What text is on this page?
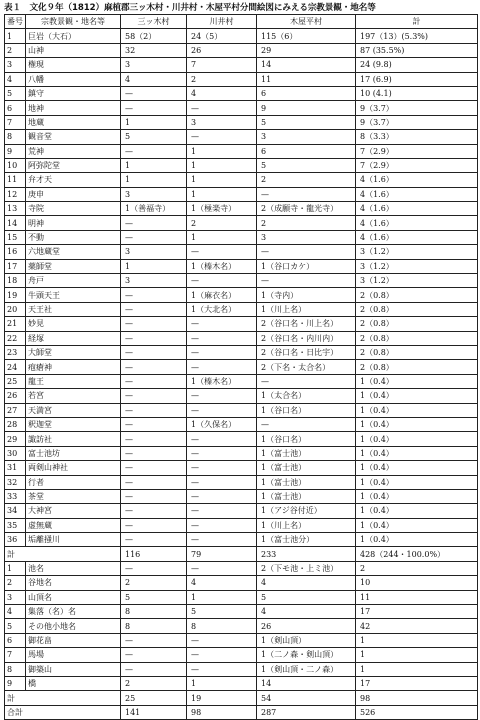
表１　文化９年（1812）麻植郡三ッ木村・川井村・木屋平村分間絵図にみえる宗教景観・地名等
番号	宗教景観・地名等	三ッ木村	川井村	木屋平村	計
1	巨岩（大石）	58（2）	24（5）	115（6）	197（13）(5.3%)
2	山神	32	26	29	87 (35.5%)
3	権現	3	7	14	24 (9.8)
4	八幡	4	2	11	17 (6.9)
5	鎮守	—	4	6	10 (4.1)
6	地神	—	—	9	9（3.7）
7	地蔵	1	3	5	9（3.7）
8	観音堂	5	—	3	8（3.3）
9	荒神	—	1	6	7（2.9）
10	阿弥陀堂	1	1	5	7（2.9）
11	弁才天	1	1	2	4（1.6）
12	庚申	3	1	—	4（1.6）
13	寺院	1（善福寺）	1（極楽寺）	2（成願寺・龍光寺）	4（1.6）
14	明神	—	2	2	4（1.6）
15	不動	—	1	3	4（1.6）
16	六地蔵堂	3	—	—	3（1.2）
17	薬師堂	1	1（榛木名）	1（谷口カケ）	3（1.2）
18	舟戸	3	—	—	3（1.2）
19	牛頭天王	—	1（麻衣名）	1（寺内）	2（0.8）
20	天王社	—	1（大北名）	1（川上名）	2（0.8）
21	妙見	—	—	2（谷口名・川上名）	2（0.8）
22	経塚	—	—	2（谷口名・内川内）	2（0.8）
23	大師堂	—	—	2（谷口名・日比宇）	2（0.8）
24	疱瘡神	—	—	2（下名・太合名）	2（0.8）
25	龍王	—	1（榛木名）	—	1（0.4）
26	若宮	—	—	1（太合名）	1（0.4）
27	天満宮	—	—	1（谷口名）	1（0.4）
28	釈迦堂	—	1（久保名）	—	1（0.4）
29	諏訪社	—	—	1（谷口名）	1（0.4）
30	富士池坊	—	—	1（富士池）	1（0.4）
31	両剣山神社	—	—	1（富士池）	1（0.4）
32	行者	—	—	1（富士池）	1（0.4）
33	茶堂	—	—	1（富士池）	1（0.4）
34	大神宮	—	—	1（アジ谷付近）	1（0.4）
35	虚無蔵	—	—	1（川上名）	1（0.4）
36	垢離掻川	—	—	1（富士池分）	1（0.4）
計		116	79	233	428（244・100.0%）
1	池名	—	—	2（下モ池・上ミ池）	2
2	谷地名	2	4	4	10
3	山頂名	5	1	5	11
4	集落（名）名	8	5	4	17
5	その他小地名	8	8	26	42
6	御花畠	—	—	1（剣山頂）	1
7	馬場	—	—	1（二ノ森・剣山頂）	1
8	御築山	—	—	1（剣山頂・二ノ森）	1
9	橋	2	1	14	17
計		25	19	54	98
合計		141	98	287	526
